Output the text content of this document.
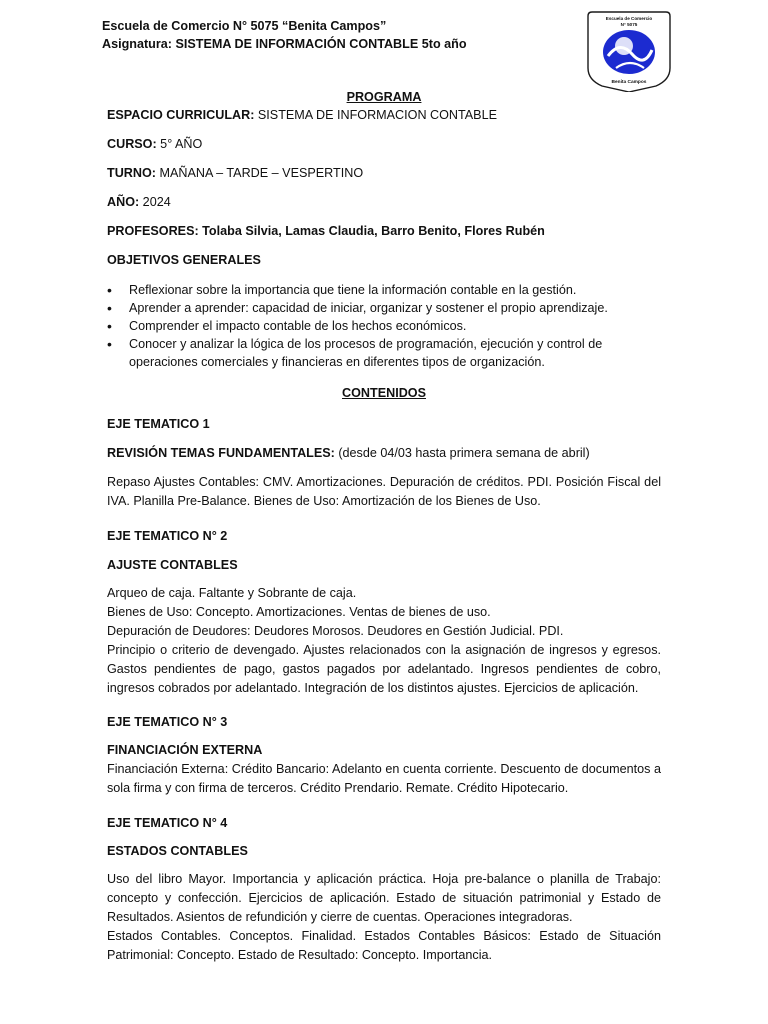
Escuela de Comercio N° 5075 “Benita Campos”
Asignatura: SISTEMA DE INFORMACIÓN CONTABLE 5to año
Escuela de Comercio
N° 5075
Benita Campos
PROGRAMA
ESPACIO CURRICULAR: SISTEMA DE INFORMACION CONTABLE
CURSO: 5° AÑO
TURNO: MAÑANA – TARDE – VESPERTINO
AÑO: 2024
PROFESORES: Tolaba Silvia, Lamas Claudia, Barro Benito, Flores Rubén
OBJETIVOS GENERALES
• Reflexionar sobre la importancia que tiene la información contable en la gestión.
• Aprender a aprender: capacidad de iniciar, organizar y sostener el propio aprendizaje.
• Comprender el impacto contable de los hechos económicos.
• Conocer y analizar la lógica de los procesos de programación, ejecución y control de operaciones comerciales y financieras en diferentes tipos de organización.
CONTENIDOS
EJE TEMATICO 1
REVISIÓN TEMAS FUNDAMENTALES: (desde 04/03 hasta primera semana de abril)
Repaso Ajustes Contables: CMV. Amortizaciones. Depuración de créditos. PDI. Posición Fiscal del IVA. Planilla Pre-Balance. Bienes de Uso: Amortización de los Bienes de Uso.
EJE TEMATICO N° 2
AJUSTE CONTABLES
Arqueo de caja. Faltante y Sobrante de caja.
Bienes de Uso: Concepto. Amortizaciones. Ventas de bienes de uso.
Depuración de Deudores: Deudores Morosos. Deudores en Gestión Judicial. PDI.
Principio o criterio de devengado. Ajustes relacionados con la asignación de ingresos y egresos. Gastos pendientes de pago, gastos pagados por adelantado. Ingresos pendientes de cobro, ingresos cobrados por adelantado. Integración de los distintos ajustes. Ejercicios de aplicación.
EJE TEMATICO N° 3
FINANCIACIÓN EXTERNA
Financiación Externa: Crédito Bancario: Adelanto en cuenta corriente. Descuento de documentos a sola firma y con firma de terceros. Crédito Prendario. Remate. Crédito Hipotecario.
EJE TEMATICO N° 4
ESTADOS CONTABLES
Uso del libro Mayor. Importancia y aplicación práctica. Hoja pre-balance o planilla de Trabajo: concepto y confección. Ejercicios de aplicación. Estado de situación patrimonial y Estado de Resultados. Asientos de refundición y cierre de cuentas. Operaciones integradoras.
Estados Contables. Conceptos. Finalidad. Estados Contables Básicos: Estado de Situación Patrimonial: Concepto. Estado de Resultado: Concepto. Importancia.
